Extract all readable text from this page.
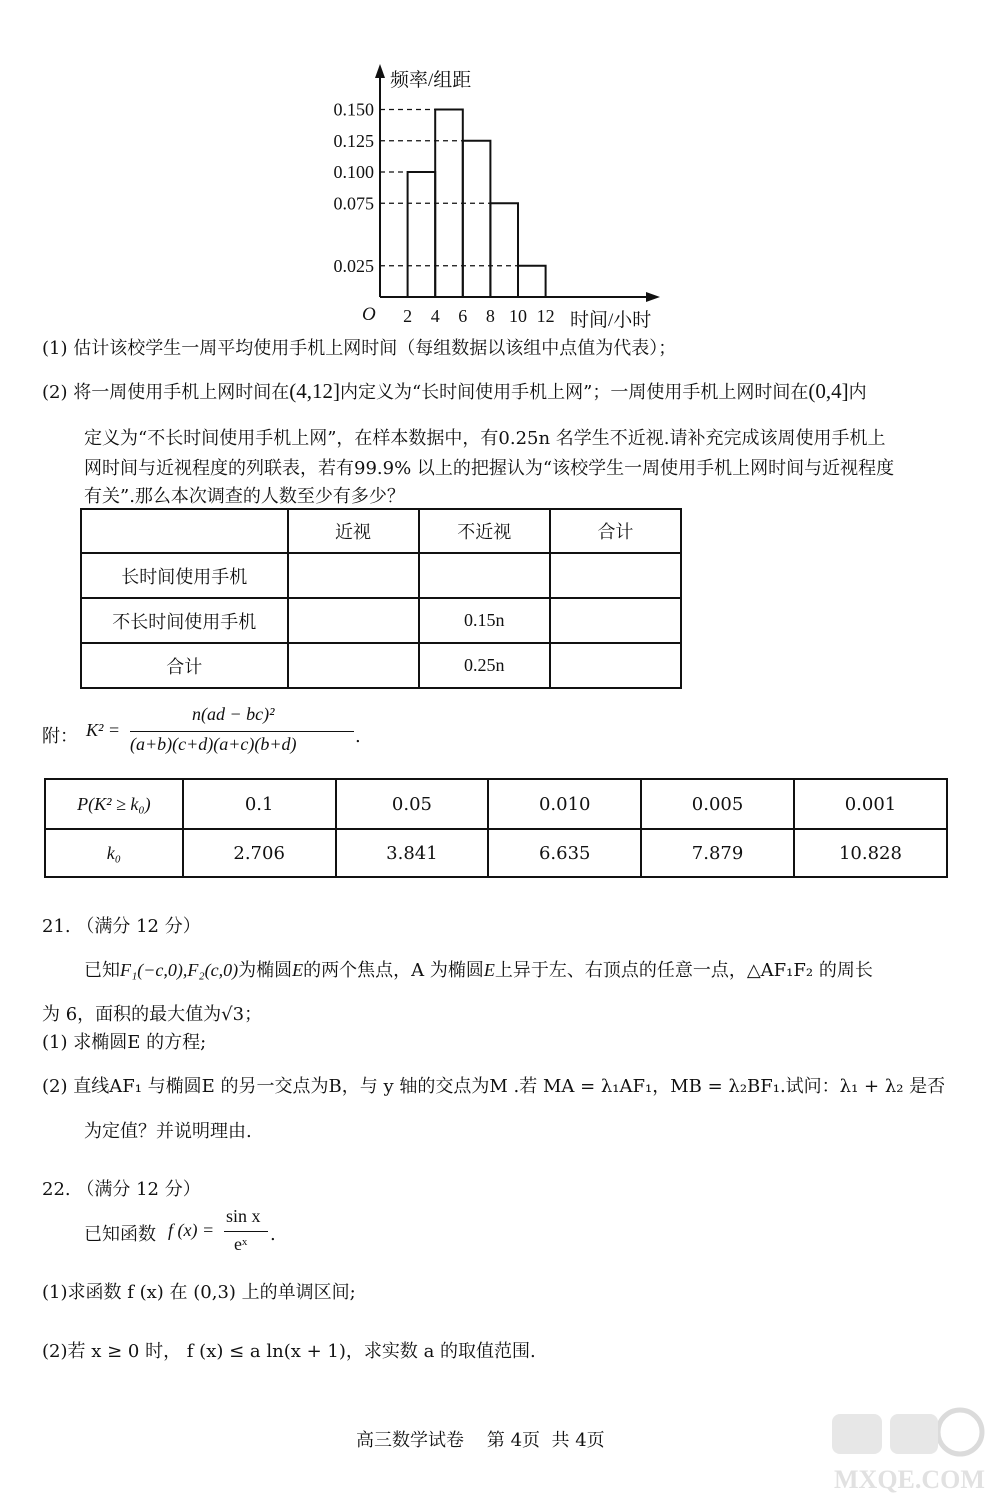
0.150
0.125
0.100
0.075
0.025
2 4 6 8 10 12
O
频率/组距
时间/小时
(1) 估计该校学生一周平均使用手机上网时间（每组数据以该组中点值为代表）；
(2) 将一周使用手机上网时间在(4,12]内定义为“长时间使用手机上网”；一周使用手机上网时间在(0,4]内
定义为“不长时间使用手机上网”，在样本数据中，有0.25n 名学生不近视.请补充完成该周使用手机上
网时间与近视程度的列联表，若有99.9% 以上的把握认为“该校学生一周使用手机上网时间与近视程度
有关”.那么本次调查的人数至少有多少？
	近视	不近视	合计
长时间使用手机			
不长时间使用手机		0.15n	
合计		0.25n	
附： K² =
n(ad − bc)²
(a+b)(c+d)(a+c)(b+d)	.
P(K² ≥ k₀)	0.1	0.05	0.010	0.005	0.001
k₀	2.706	3.841	6.635	7.879	10.828
21. （满分 12 分）
已知F₁(−c,0),F₂(c,0)为椭圆E的两个焦点，A 为椭圆E上异于左、右顶点的任意一点，△AF₁F₂ 的周长
为 6，面积的最大值为√3；
(1) 求椭圆E 的方程;
(2) 直线AF₁ 与椭圆E 的另一交点为B，与 y 轴的交点为M .若 MA = λ₁AF₁，MB = λ₂BF₁.试问：λ₁ + λ₂ 是否
为定值？并说明理由.
22. （满分 12 分）
已知函数 f (x) =
sin x
eˣ .
(1)求函数 f (x) 在 (0,3) 上的单调区间;
(2)若 x ≥ 0 时， f (x) ≤ a ln(x + 1)，求实数 a 的取值范围.
高三数学试卷    第 4页  共 4页
MXQE.COM
